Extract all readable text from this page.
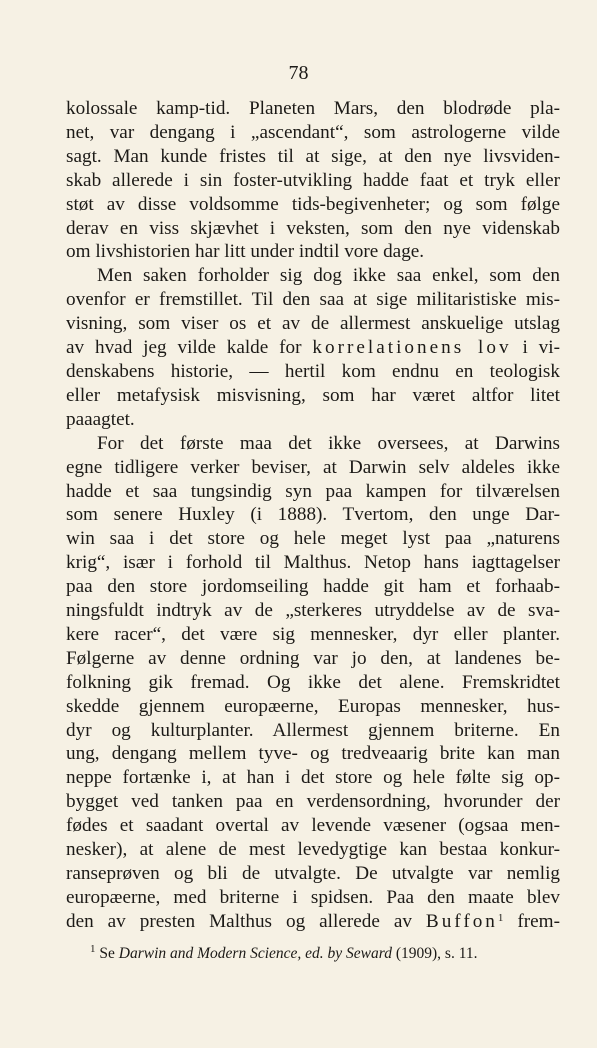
78
kolossale kamp-tid. Planeten Mars, den blodrøde pla-
net, var dengang i „ascendant“, som astrologerne vilde
sagt. Man kunde fristes til at sige, at den nye livsviden-
skab allerede i sin foster-utvikling hadde faat et tryk eller
støt av disse voldsomme tids-begivenheter; og som følge
derav en viss skjævhet i veksten, som den nye videnskab
om livshistorien har litt under indtil vore dage.
Men saken forholder sig dog ikke saa enkel, som den
ovenfor er fremstillet. Til den saa at sige militaristiske mis-
visning, som viser os et av de allermest anskuelige utslag
av hvad jeg vilde kalde for korrelationens lov i vi-
denskabens historie, — hertil kom endnu en teologisk
eller metafysisk misvisning, som har været altfor litet
paaagtet.
For det første maa det ikke oversees, at Darwins
egne tidligere verker beviser, at Darwin selv aldeles ikke
hadde et saa tungsindig syn paa kampen for tilværelsen
som senere Huxley (i 1888). Tvertom, den unge Dar-
win saa i det store og hele meget lyst paa „naturens
krig“, især i forhold til Malthus. Netop hans iagttagelser
paa den store jordomseiling hadde git ham et forhaab-
ningsfuldt indtryk av de „sterkeres utryddelse av de sva-
kere racer“, det være sig mennesker, dyr eller planter.
Følgerne av denne ordning var jo den, at landenes be-
folkning gik fremad. Og ikke det alene. Fremskridtet
skedde gjennem europæerne, Europas mennesker, hus-
dyr og kulturplanter. Allermest gjennem briterne. En
ung, dengang mellem tyve- og tredveaarig brite kan man
neppe fortænke i, at han i det store og hele følte sig op-
bygget ved tanken paa en verdensordning, hvorunder der
fødes et saadant overtal av levende væsener (ogsaa men-
nesker), at alene de mest levedygtige kan bestaa konkur-
ranseprøven og bli de utvalgte. De utvalgte var nemlig
europæerne, med briterne i spidsen. Paa den maate blev
den av presten Malthus og allerede av Buffon$^1$ frem-
$^1$ Se Darwin and Modern Science, ed. by Seward (1909), s. 11.
